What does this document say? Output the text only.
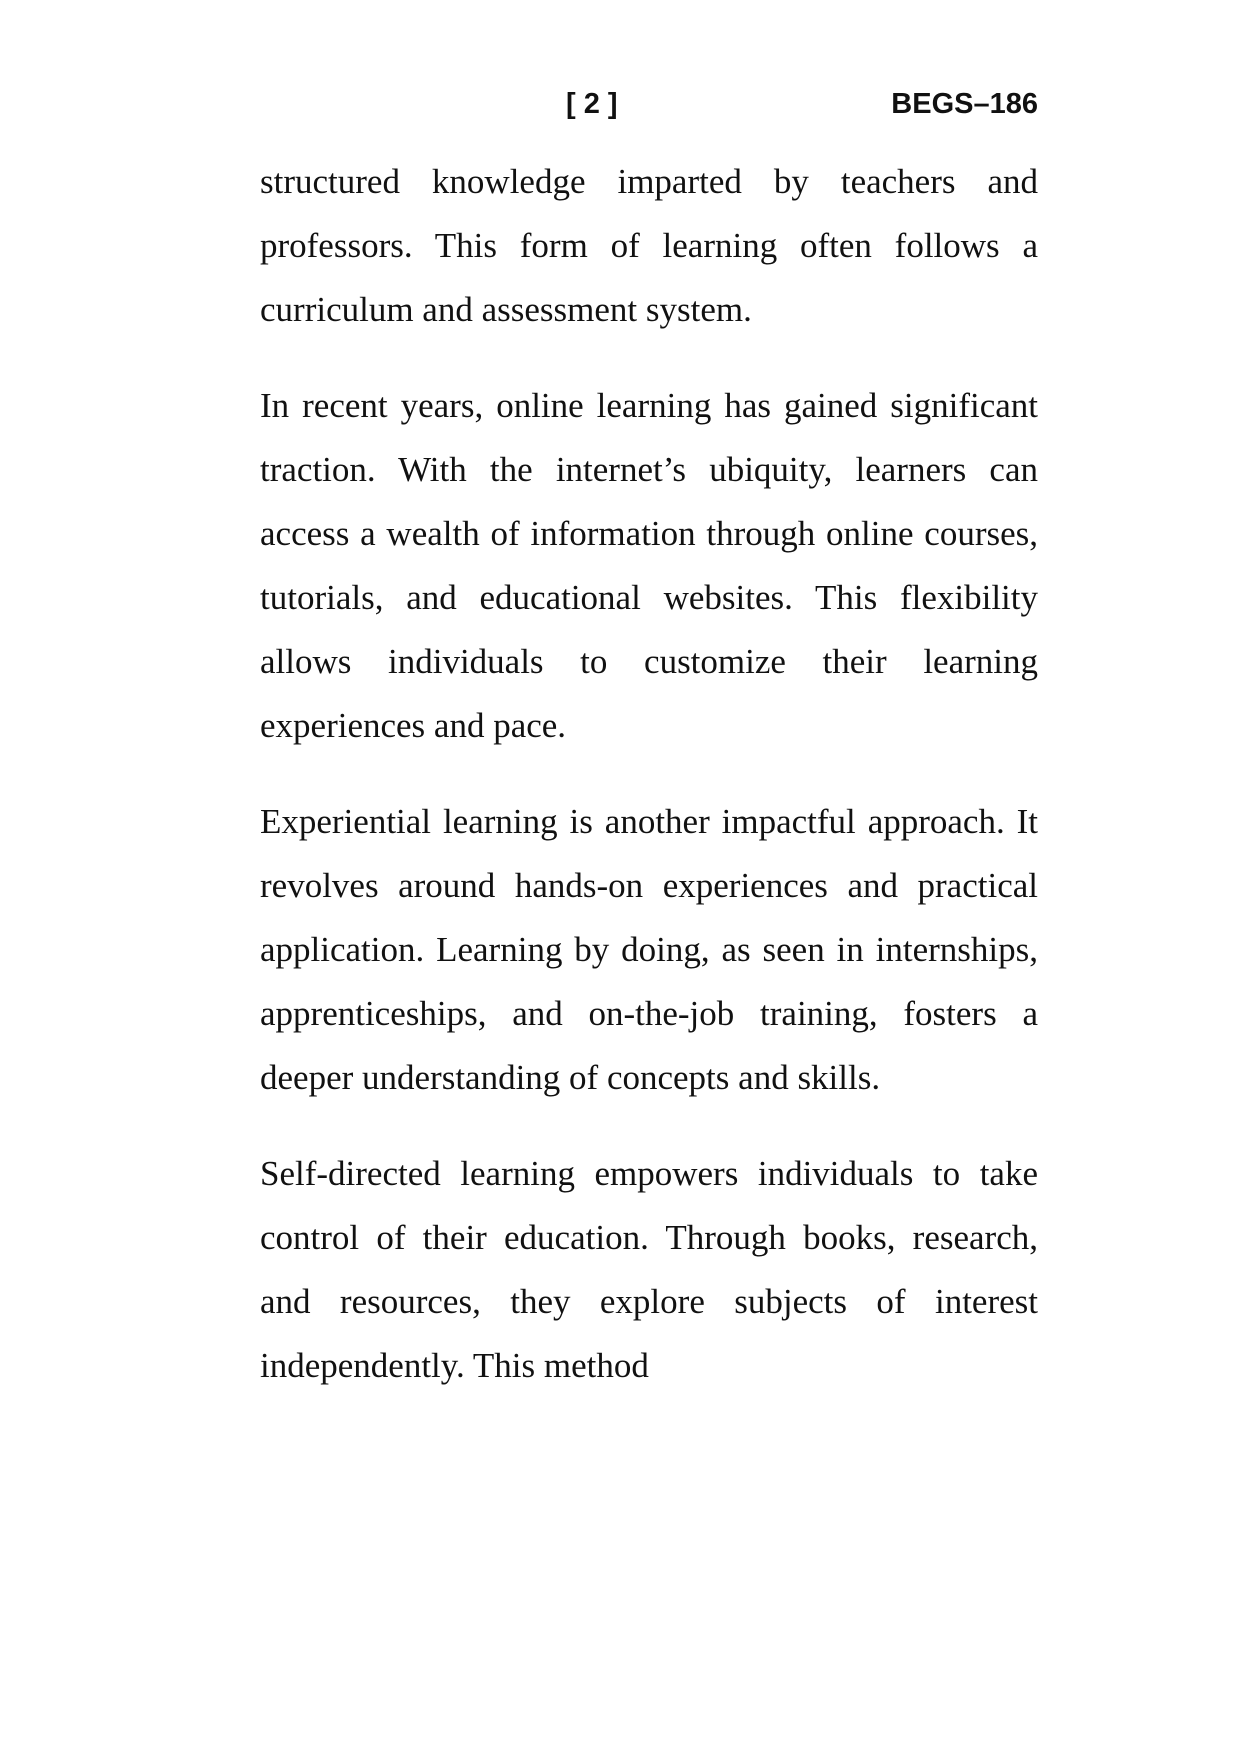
[ 2 ]	BEGS–186

structured knowledge imparted by teachers and professors. This form of learning often follows a curriculum and assessment system.

In recent years, online learning has gained significant traction. With the internet’s ubiquity, learners can access a wealth of information through online courses, tutorials, and educational websites. This flexibility allows individuals to customize their learning experiences and pace.

Experiential learning is another impactful approach. It revolves around hands-on experiences and practical application. Learning by doing, as seen in internships, apprenticeships, and on-the-job training, fosters a deeper understanding of concepts and skills.

Self-directed learning empowers individuals to take control of their education. Through books, research, and resources, they explore subjects of interest independently. This method
